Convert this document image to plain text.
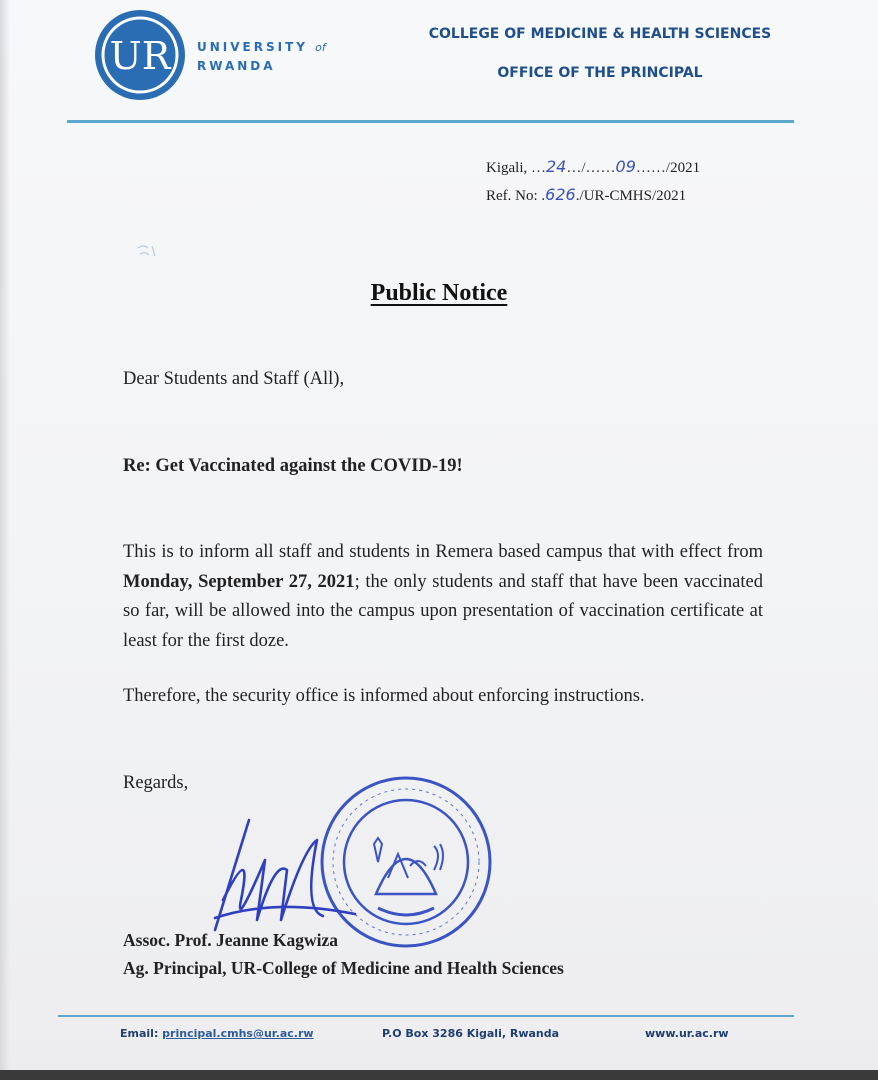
UR UNIVERSITY of
RWANDA
COLLEGE OF MEDICINE & HEALTH SCIENCES
OFFICE OF THE PRINCIPAL
Kigali, …24…/……09……/2021
Ref. No: .626./UR-CMHS/2021
Public Notice
Dear Students and Staff (All),
Re: Get Vaccinated against the COVID-19!
This is to inform all staff and students in Remera based campus that with effect from Monday, September 27, 2021; the only students and staff that have been vaccinated so far, will be allowed into the campus upon presentation of vaccination certificate at least for the first doze.
Therefore, the security office is informed about enforcing instructions.
Regards,
Assoc. Prof. Jeanne Kagwiza
Ag. Principal, UR-College of Medicine and Health Sciences
Email: principal.cmhs@ur.ac.rw	P.O Box 3286 Kigali, Rwanda	www.ur.ac.rw
